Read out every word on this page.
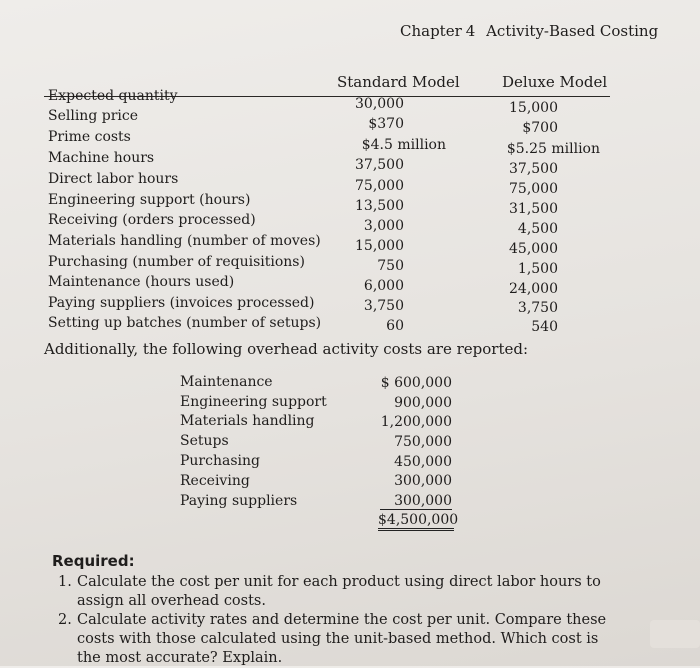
Chapter 4 Activity-Based Costing
Standard Model	Deluxe Model
Expected quantity	30,000	15,000
Selling price	$370	$700
Prime costs	$4.5 million	$5.25 million
Machine hours	37,500	37,500
Direct labor hours	75,000	75,000
Engineering support (hours)	13,500	31,500
Receiving (orders processed)	3,000	4,500
Materials handling (number of moves)	15,000	45,000
Purchasing (number of requisitions)	750	1,500
Maintenance (hours used)	6,000	24,000
Paying suppliers (invoices processed)	3,750	3,750
Setting up batches (number of setups)	60	540
Additionally, the following overhead activity costs are reported:
Maintenance	$ 600,000
Engineering support	900,000
Materials handling	1,200,000
Setups	750,000
Purchasing	450,000
Receiving	300,000
Paying suppliers	300,000
$4,500,000
Required:
1. Calculate the cost per unit for each product using direct labor hours to assign all overhead costs.
2. Calculate activity rates and determine the cost per unit. Compare these costs with those calculated using the unit-based method. Which cost is the most accurate? Explain.
